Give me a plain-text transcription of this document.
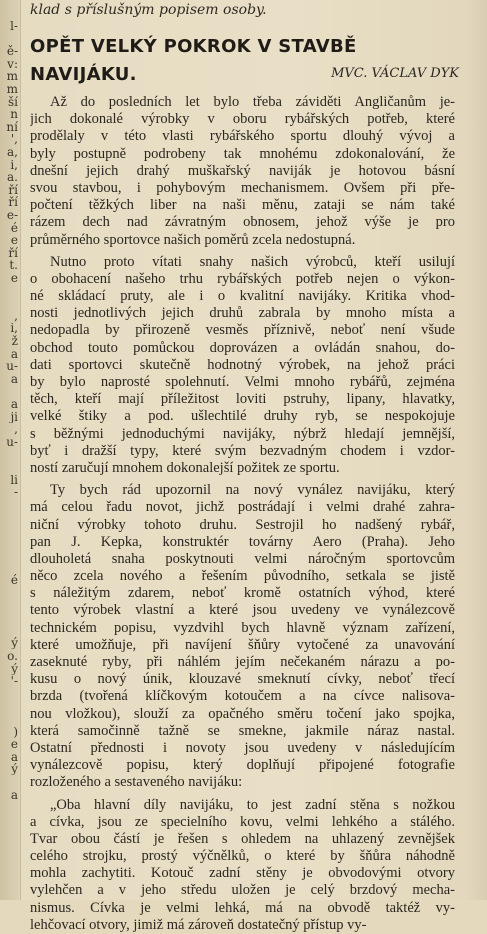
l-
ě-
v:
m
m
ší
n
ní
',
a,
i,
a.
ří
ří
e-
é
e
ří
t.
e
,
i,
ž
a
u-
a
a
ji
,
u-
li
-
é
ý
o.
ý
'-
)
e
a
ý
a
klad s příslušným popisem osoby.
OPĚT VELKÝ POKROK V STAVBĚ
NAVIJÁKU.	MVC. VÁCLAV DYK
Až do posledních let bylo třeba záviděti Angličanům je-
jich dokonalé výrobky v oboru rybářských potřeb, které
prodělaly v této vlasti rybářského sportu dlouhý vývoj a
byly postupně podrobeny tak mnohému zdokonalování, že
dnešní jejich drahý muškařský naviják je hotovou básní
svou stavbou, i pohybovým mechanismem. Ovšem při pře-
počtení těžkých liber na naši měnu, zataji se nám také
rázem dech nad závratným obnosem, jehož výše je pro
průměrného sportovce našich poměrů zcela nedostupná.
Nutno proto vítati snahy našich výrobců, kteří usilují
o obohacení našeho trhu rybářských potřeb nejen o výkon-
né skládací pruty, ale i o kvalitní navijáky. Kritika vhod-
nosti jednotlivých jejich druhů zabrala by mnoho místa a
nedopadla by přirozeně vesměs příznivě, neboť není všude
obchod touto pomůckou doprovázen a ovládán snahou, do-
dati sportovci skutečně hodnotný výrobek, na jehož práci
by bylo naprosté spolehnutí. Velmi mnoho rybářů, zejména
těch, kteří mají příležitost loviti pstruhy, lipany, hlavatky,
velké štiky a pod. ušlechtilé druhy ryb, se nespokojuje
s běžnými jednoduchými navijáky, nýbrž hledají jemnější,
byť i dražší typy, které svým bezvadným chodem i vzdor-
ností zaručují mnohem dokonalejší požitek ze sportu.
Ty bych rád upozornil na nový vynález navijáku, který
má celou řadu novot, jichž postrádají i velmi drahé zahra-
niční výrobky tohoto druhu. Sestrojil ho nadšený rybář,
pan J. Kepka, konstruktér továrny Aero (Praha). Jeho
dlouholetá snaha poskytnouti velmi náročným sportovcům
něco zcela nového a řešením původního, setkala se jistě
s náležitým zdarem, neboť kromě ostatních výhod, které
tento výrobek vlastní a které jsou uvedeny ve vynálezcově
technickém popisu, vyzdvihl bych hlavně význam zařízení,
které umožňuje, při navíjení šňůry vytočené za unavování
zaseknuté ryby, při náhlém jejím nečekaném nárazu a po-
kusu o nový únik, klouzavé smeknutí cívky, neboť třecí
brzda (tvořená klíčkovým kotoučem a na cívce nalisova-
nou vložkou), slouží za opačného směru točení jako spojka,
která samočinně tažně se smekne, jakmile náraz nastal.
Ostatní přednosti i novoty jsou uvedeny v následujícím
vynálezcově popisu, který doplňují připojené fotografie
rozloženého a sestaveného navijáku:
„Oba hlavní díly navijáku, to jest zadní stěna s nožkou
a cívka, jsou ze specielního kovu, velmi lehkého a stálého.
Tvar obou částí je řešen s ohledem na uhlazený zevnějšek
celého strojku, prostý výčnělků, o které by šňůra náhodně
mohla zachytiti. Kotouč zadní stěny je obvodovými otvory
vylehčen a v jeho středu uložen je celý brzdový mecha-
nismus. Cívka je velmi lehká, má na obvodě taktéž vy-
lehčovací otvory, jimiž má zároveň dostatečný přístup vy-
